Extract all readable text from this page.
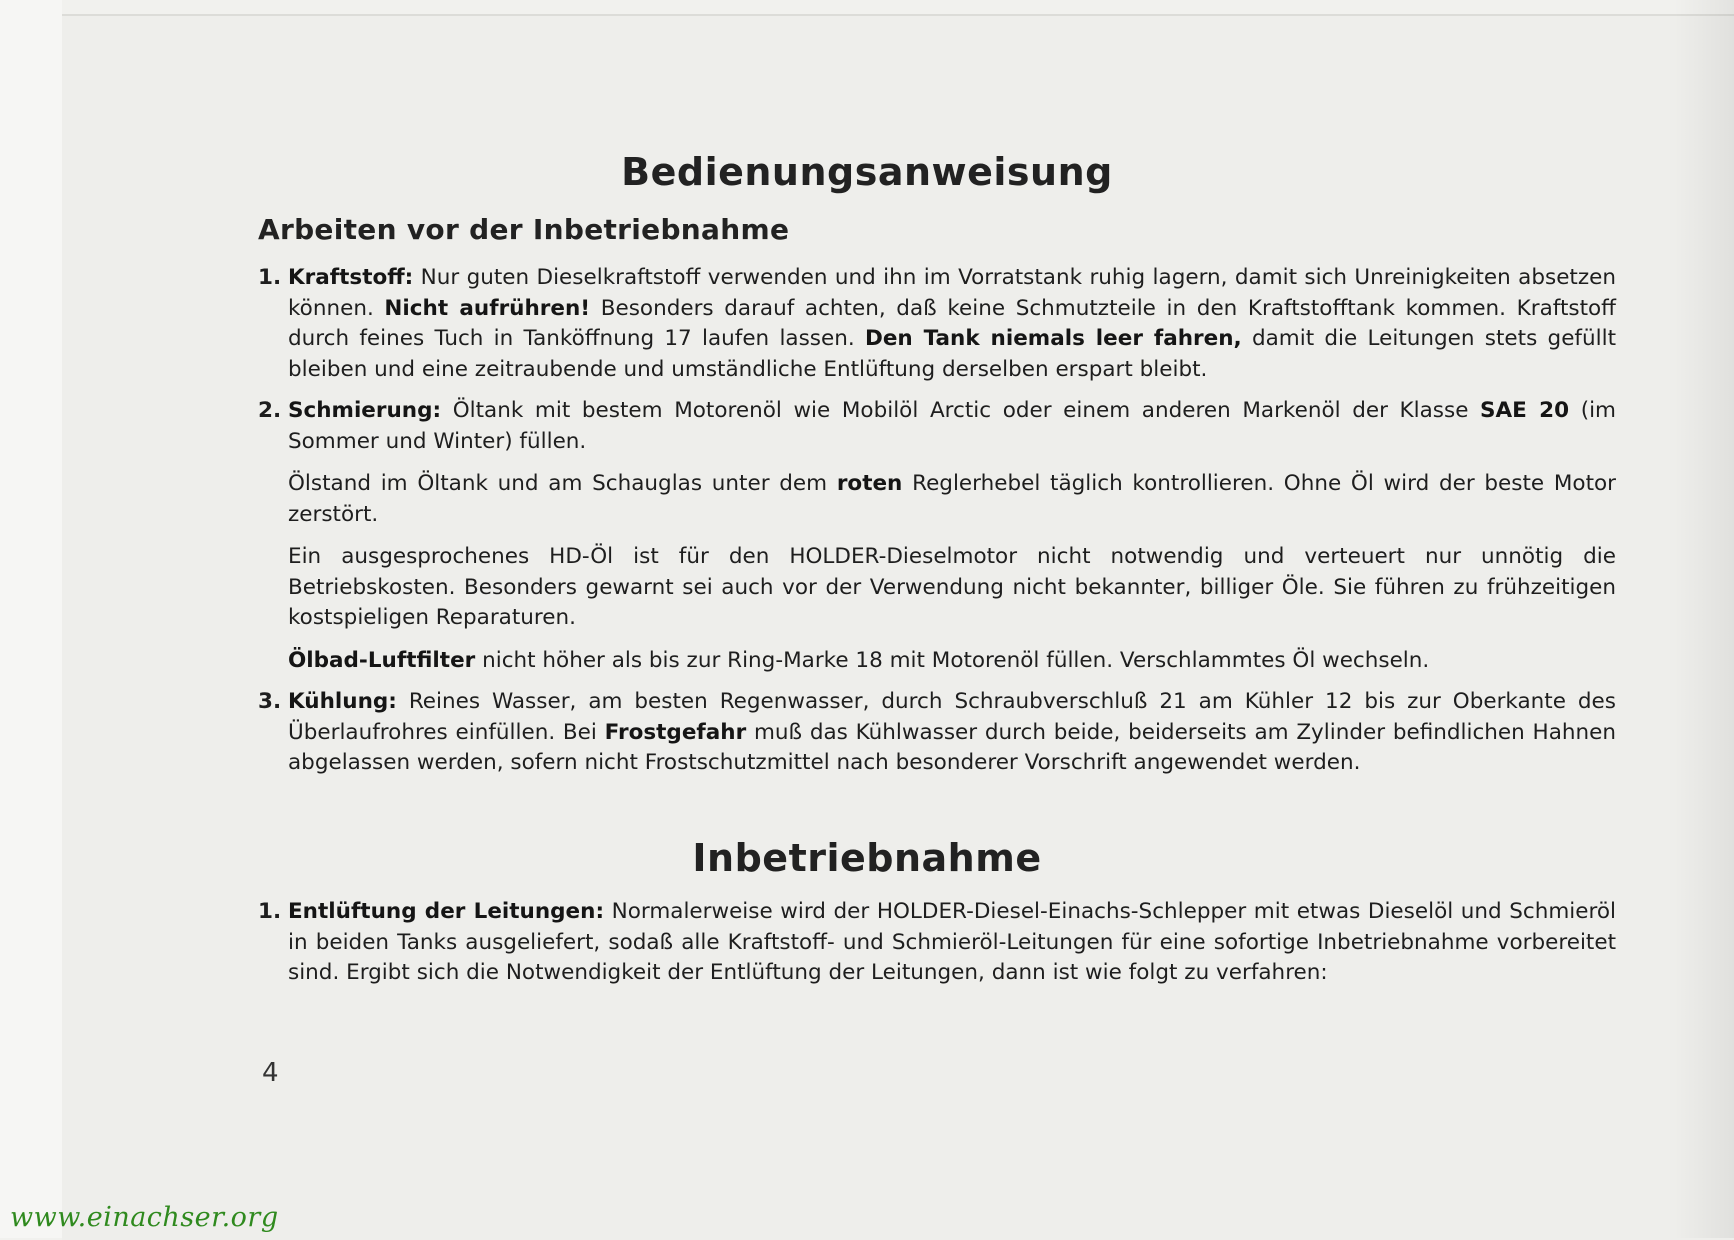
Bedienungsanweisung
Arbeiten vor der Inbetriebnahme

1. Kraftstoff: Nur guten Dieselkraftstoff verwenden und ihn im Vorratstank ruhig lagern, damit sich Unreinigkeiten absetzen können. Nicht aufrühren! Besonders darauf achten, daß keine Schmutzteile in den Kraftstofftank kommen. Kraftstoff durch feines Tuch in Tanköffnung 17 laufen lassen. Den Tank niemals leer fahren, damit die Leitungen stets gefüllt bleiben und eine zeitraubende und umständliche Entlüftung derselben erspart bleibt.

2. Schmierung: Öltank mit bestem Motorenöl wie Mobilöl Arctic oder einem anderen Markenöl der Klasse SAE 20 (im Sommer und Winter) füllen.

Ölstand im Öltank und am Schauglas unter dem roten Reglerhebel täglich kontrollieren. Ohne Öl wird der beste Motor zerstört.

Ein ausgesprochenes HD-Öl ist für den HOLDER-Dieselmotor nicht notwendig und verteuert nur unnötig die Betriebskosten. Besonders gewarnt sei auch vor der Verwendung nicht bekannter, billiger Öle. Sie führen zu frühzeitigen kostspieligen Reparaturen.

Ölbad-Luftfilter nicht höher als bis zur Ring-Marke 18 mit Motorenöl füllen. Verschlammtes Öl wechseln.

3. Kühlung: Reines Wasser, am besten Regenwasser, durch Schraubverschluß 21 am Kühler 12 bis zur Oberkante des Überlaufrohres einfüllen. Bei Frostgefahr muß das Kühlwasser durch beide, beiderseits am Zylinder befindlichen Hahnen abgelassen werden, sofern nicht Frostschutzmittel nach besonderer Vorschrift angewendet werden.

Inbetriebnahme

1. Entlüftung der Leitungen: Normalerweise wird der HOLDER-Diesel-Einachs-Schlepper mit etwas Dieselöl und Schmieröl in beiden Tanks ausgeliefert, sodaß alle Kraftstoff- und Schmieröl-Leitungen für eine sofortige Inbetriebnahme vorbereitet sind. Ergibt sich die Notwendigkeit der Entlüftung der Leitungen, dann ist wie folgt zu verfahren:

4

www.einachser.org
